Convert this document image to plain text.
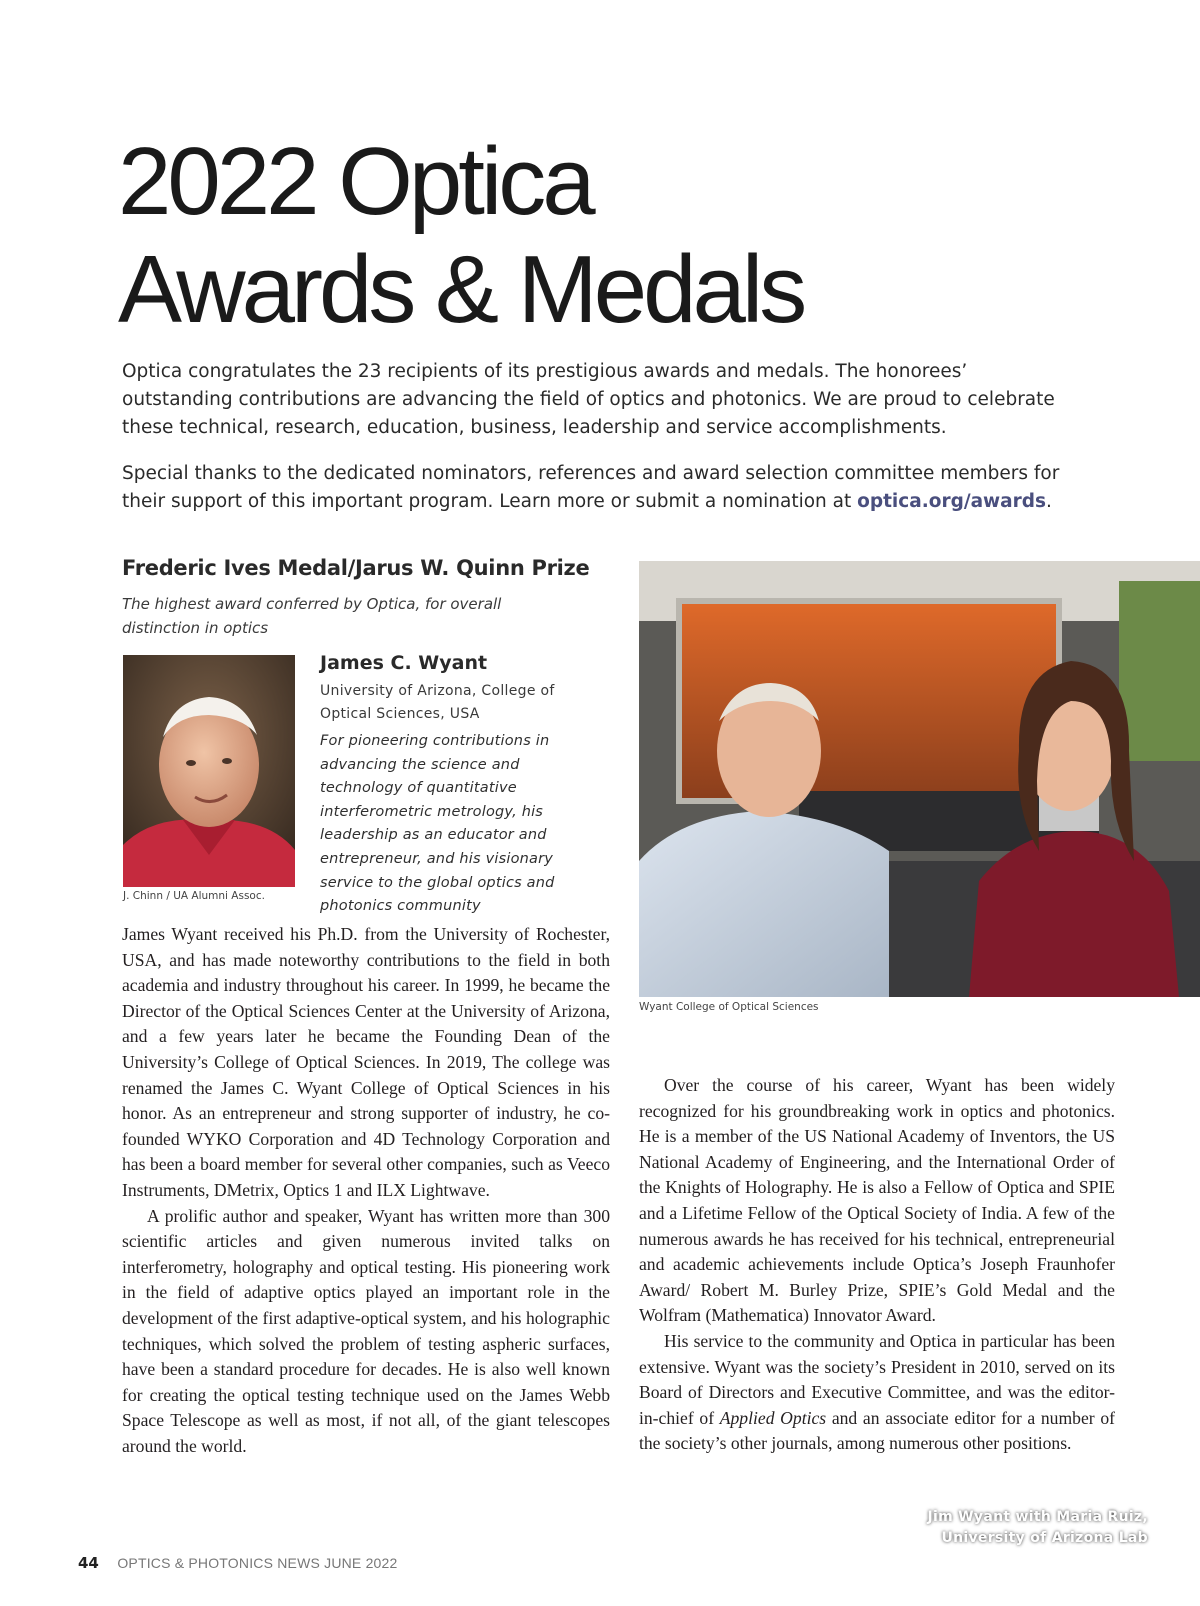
2022 Optica
Awards & Medals

Optica congratulates the 23 recipients of its prestigious awards and medals. The honorees’ outstanding contributions are advancing the field of optics and photonics. We are proud to celebrate these technical, research, education, business, leadership and service accomplishments.

Special thanks to the dedicated nominators, references and award selection committee members for their support of this important program. Learn more or submit a nomination at optica.org/awards.

Frederic Ives Medal/Jarus W. Quinn Prize

The highest award conferred by Optica, for overall distinction in optics

J. Chinn / UA Alumni Assoc.
James C. Wyant
University of Arizona, College of Optical Sciences, USA
For pioneering contributions in advancing the science and technology of quantitative interferometric metrology, his leadership as an educator and entrepreneur, and his visionary service to the global optics and photonics community
Jim Wyant with Maria Ruiz,
University of Arizona Lab
Wyant College of Optical Sciences

James Wyant received his Ph.D. from the University of Rochester, USA, and has made noteworthy contributions to the field in both academia and industry throughout his career. In 1999, he became the Director of the Optical Sciences Center at the University of Arizona, and a few years later he became the Founding Dean of the University’s College of Optical Sciences. In 2019, The college was renamed the James C. Wyant College of Optical Sciences in his honor. As an entrepreneur and strong supporter of industry, he co-founded WYKO Corporation and 4D Technology Corporation and has been a board member for several other companies, such as Veeco Instruments, DMetrix, Optics 1 and ILX Lightwave.

A prolific author and speaker, Wyant has written more than 300 scientific articles and given numerous invited talks on interferometry, holography and optical testing. His pioneering work in the field of adaptive optics played an important role in the development of the first adaptive-optical system, and his holographic techniques, which solved the problem of testing aspheric surfaces, have been a standard procedure for decades. He is also well known for creating the optical testing technique used on the James Webb Space Telescope as well as most, if not all, of the giant telescopes around the world.

Over the course of his career, Wyant has been widely recognized for his groundbreaking work in optics and photonics. He is a member of the US National Academy of Inventors, the US National Academy of Engineering, and the International Order of the Knights of Holography. He is also a Fellow of Optica and SPIE and a Lifetime Fellow of the Optical Society of India. A few of the numerous awards he has received for his technical, entrepreneurial and academic achievements include Optica’s Joseph Fraunhofer Award/ Robert M. Burley Prize, SPIE’s Gold Medal and the Wolfram (Mathematica) Innovator Award.

His service to the community and Optica in particular has been extensive. Wyant was the society’s President in 2010, served on its Board of Directors and Executive Committee, and was the editor-in-chief of Applied Optics and an associate editor for a number of the society’s other journals, among numerous other positions.

44 OPTICS & PHOTONICS NEWS JUNE 2022
